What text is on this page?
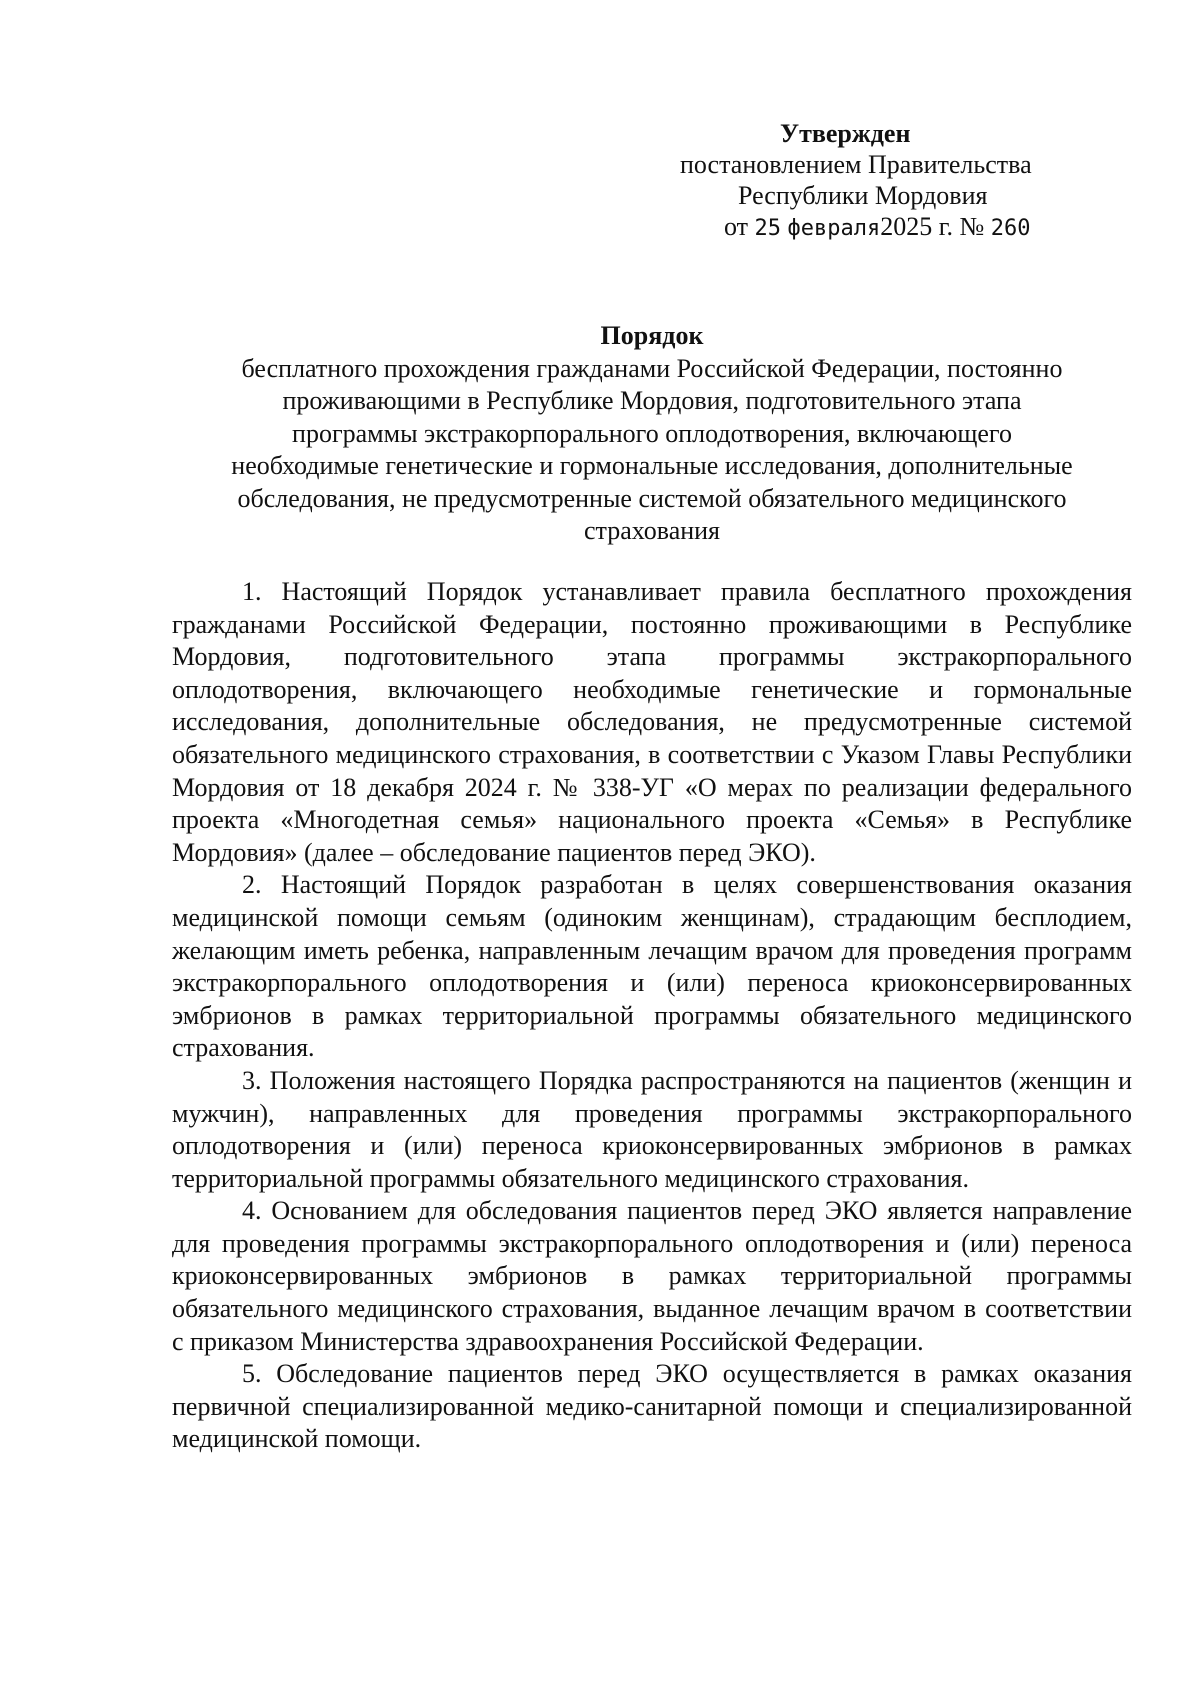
Утвержден
постановлением Правительства
Республики Мордовия
от 25 февраля2025 г. № 260
Порядок
бесплатного прохождения гражданами Российской Федерации, постоянно
проживающими в Республике Мордовия, подготовительного этапа
программы экстракорпорального оплодотворения, включающего
необходимые генетические и гормональные исследования, дополнительные
обследования, не предусмотренные системой обязательного медицинского
страхования

1. Настоящий Порядок устанавливает правила бесплатного прохождения гражданами Российской Федерации, постоянно проживающими в Республике Мордовия, подготовительного этапа программы экстракорпорального оплодотворения, включающего необходимые генетические и гормональные исследования, дополнительные обследования, не предусмотренные системой обязательного медицинского страхования, в соответствии с Указом Главы Республики Мордовия от 18 декабря 2024 г. № 338-УГ «О мерах по реализации федерального проекта «Многодетная семья» национального проекта «Семья» в Республике Мордовия» (далее – обследование пациентов перед ЭКО).

2. Настоящий Порядок разработан в целях совершенствования оказания медицинской помощи семьям (одиноким женщинам), страдающим бесплодием, желающим иметь ребенка, направленным лечащим врачом для проведения программ экстракорпорального оплодотворения и (или) переноса криоконсервированных эмбрионов в рамках территориальной программы обязательного медицинского страхования.

3. Положения настоящего Порядка распространяются на пациентов (женщин и мужчин), направленных для проведения программы экстракорпорального оплодотворения и (или) переноса криоконсервированных эмбрионов в рамках территориальной программы обязательного медицинского страхования.

4. Основанием для обследования пациентов перед ЭКО является направление для проведения программы экстракорпорального оплодотворения и (или) переноса криоконсервированных эмбрионов в рамках территориальной программы обязательного медицинского страхования, выданное лечащим врачом в соответствии с приказом Министерства здравоохранения Российской Федерации.

5. Обследование пациентов перед ЭКО осуществляется в рамках оказания первичной специализированной медико-санитарной помощи и специализированной медицинской помощи.
